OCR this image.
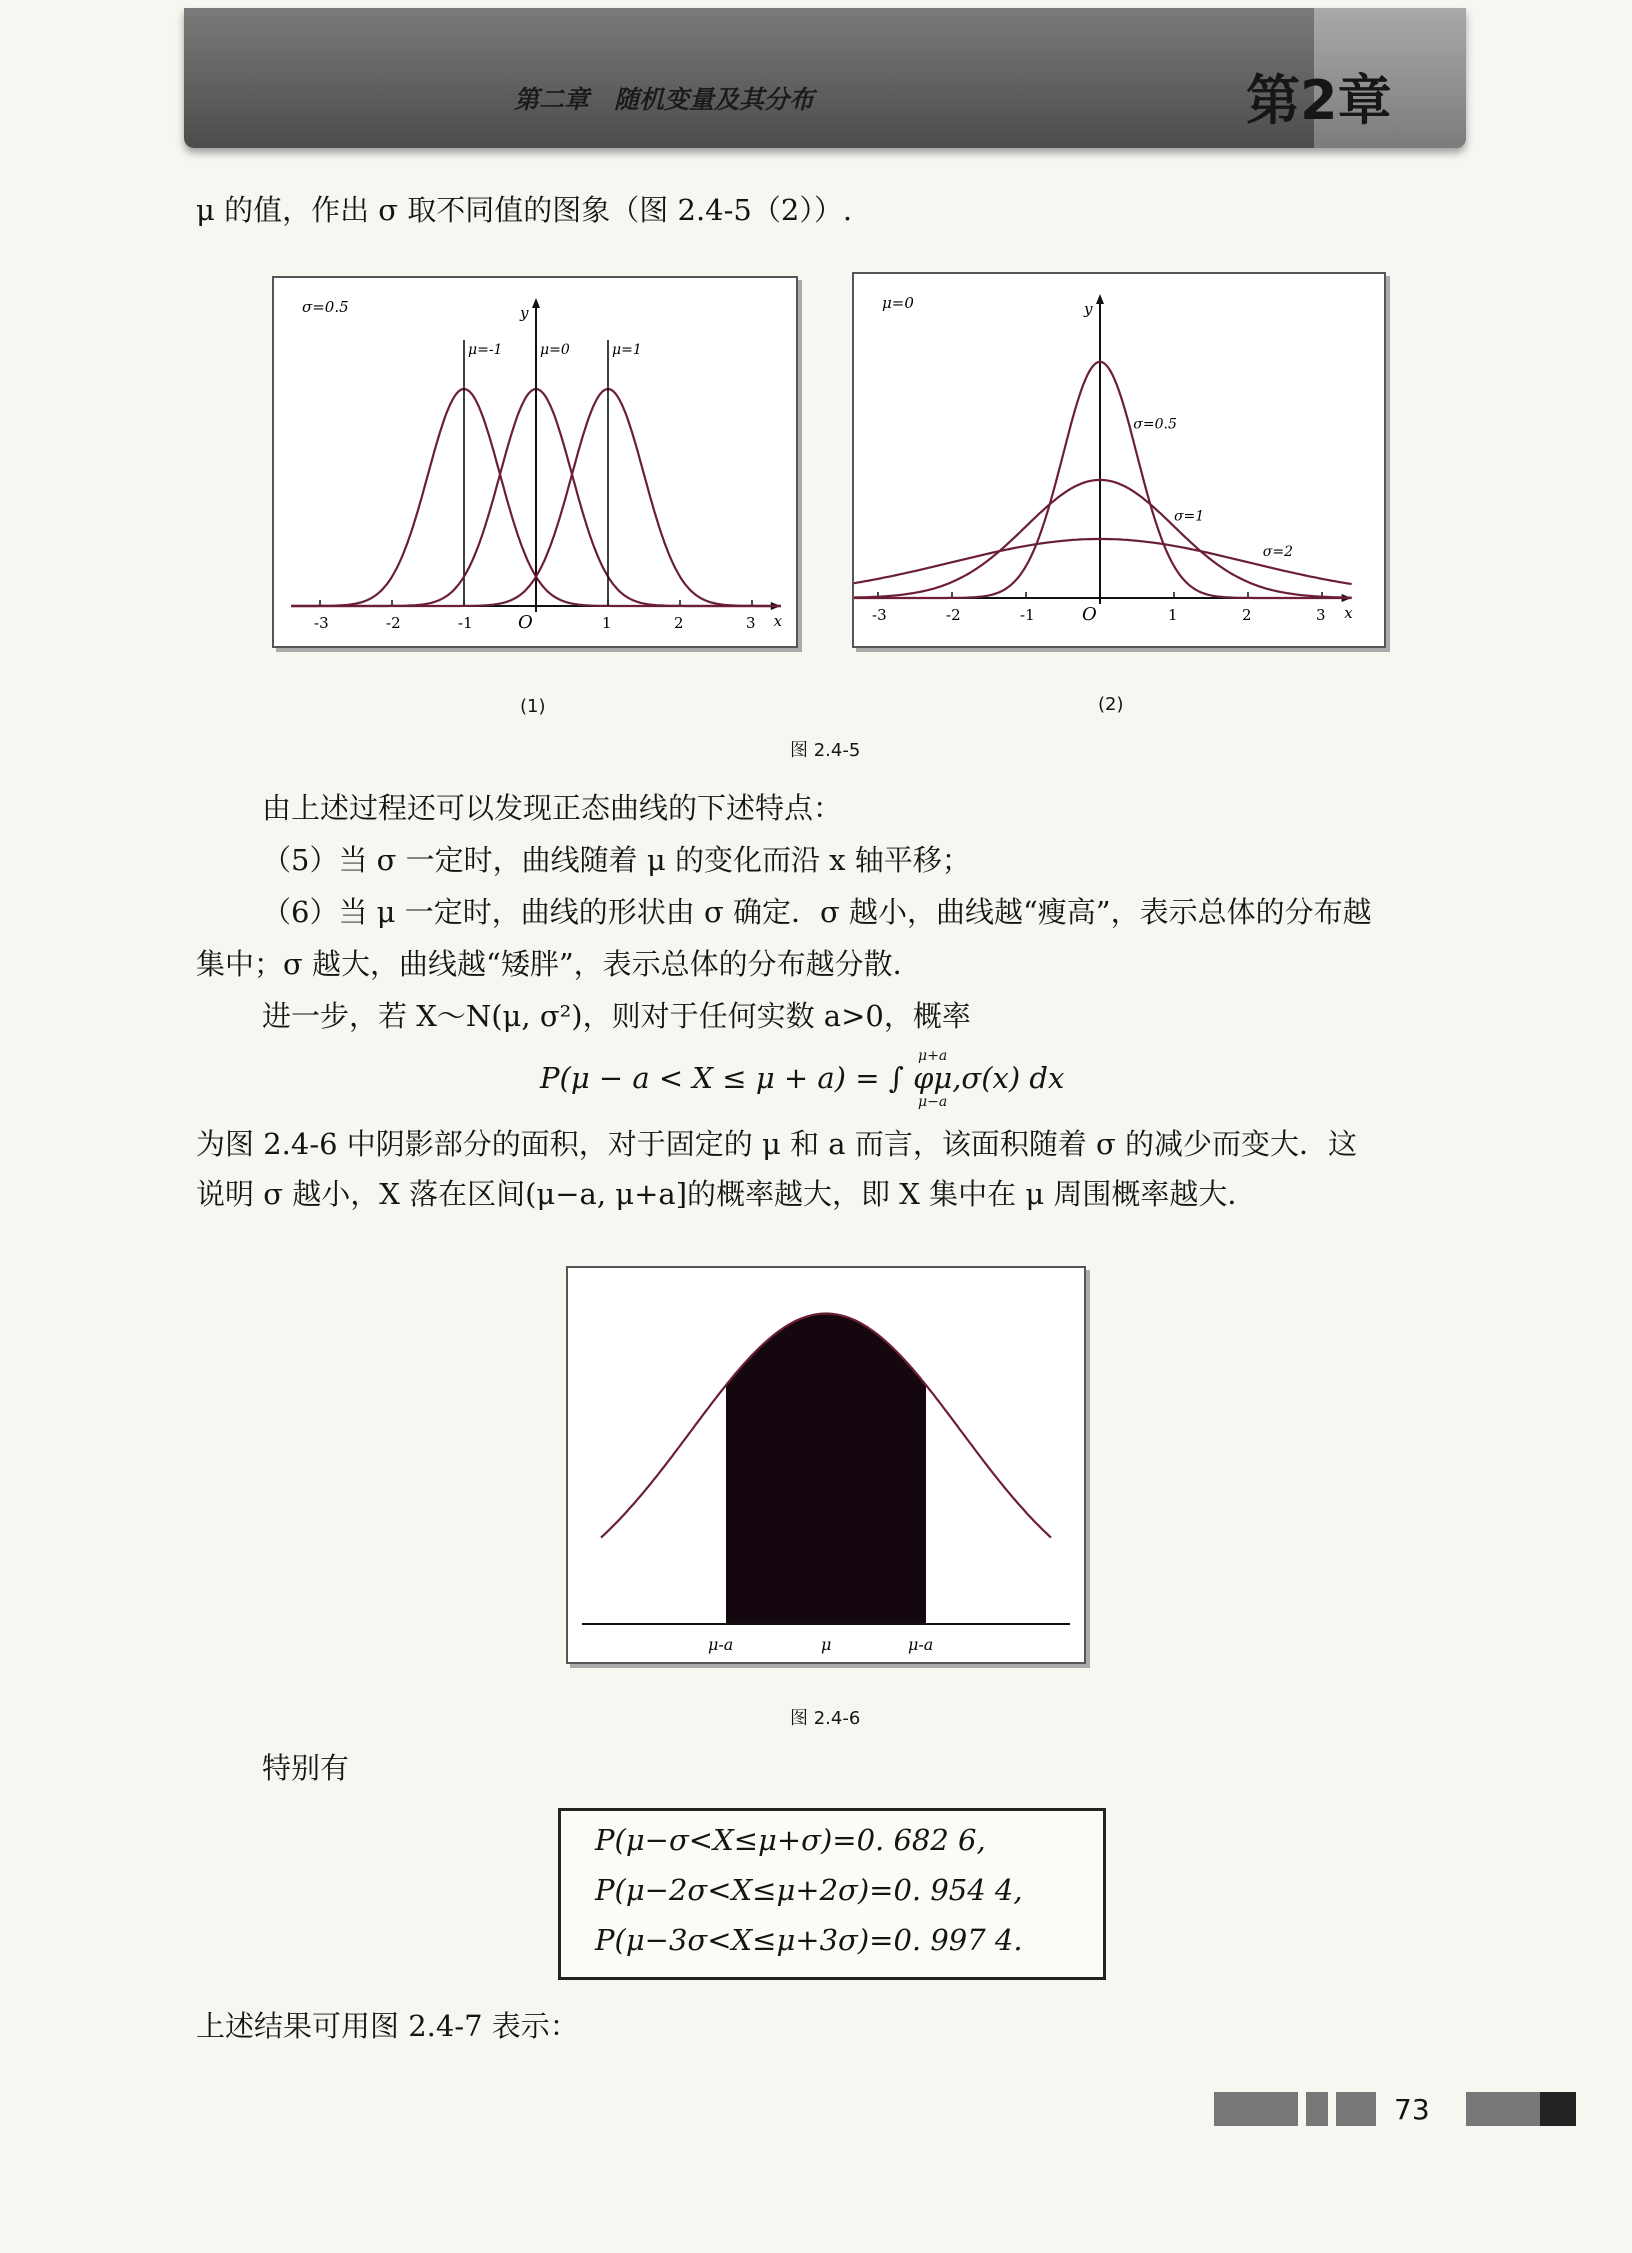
第二章　随机变量及其分布	第2章
μ 的值，作出 σ 取不同值的图象（图 2.4-5（2））.
x
y
-3	-2	-1	O	1	2	3
σ=0.5
μ=-1	μ=0	μ=1
(1)
x
y
-3	-2	-1	O	1	2	3
μ=0
σ=0.5
σ=1
σ=2
(2)
图 2.4-5
由上述过程还可以发现正态曲线的下述特点：
（5）当 σ 一定时，曲线随着 μ 的变化而沿 x 轴平移；
（6）当 μ 一定时，曲线的形状由 σ 确定．σ 越小，曲线越“瘦高”，表示总体的分布越
集中；σ 越大，曲线越“矮胖”，表示总体的分布越分散．
进一步，若 X～N(μ, σ²)，则对于任何实数 a>0，概率
P(μ − a < X ≤ μ + a) = ∫ φμ,σ(x) dx
μ+a
μ−a
为图 2.4-6 中阴影部分的面积，对于固定的 μ 和 a 而言，该面积随着 σ 的减少而变大．这
说明 σ 越小，X 落在区间(μ−a, μ+a]的概率越大，即 X 集中在 μ 周围概率越大．
μ-a	μ	μ-a
图 2.4-6
特别有
P(μ−σ<X≤μ+σ)=0. 682 6,
P(μ−2σ<X≤μ+2σ)=0. 954 4,
P(μ−3σ<X≤μ+3σ)=0. 997 4.
上述结果可用图 2.4-7 表示：
73
